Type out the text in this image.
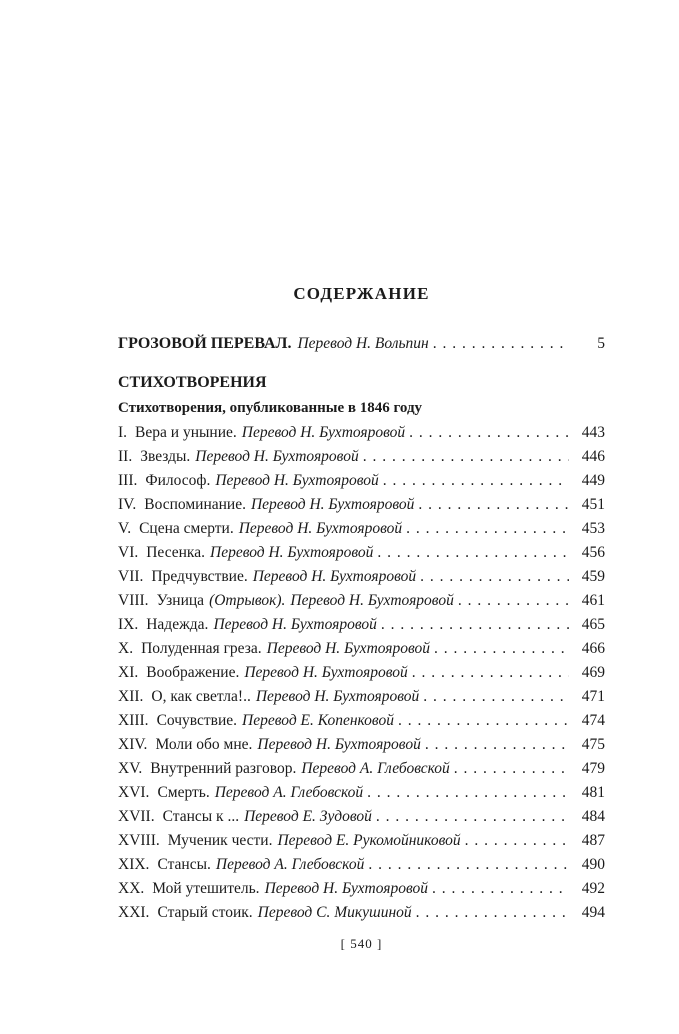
СОДЕРЖАНИЕ
ГРОЗОВОЙ ПЕРЕВАЛ. Перевод Н. Вольпин . . .	5
СТИХОТВОРЕНИЯ
Стихотворения, опубликованные в 1846 году
I. Вера и уныние. Перевод Н. Бухтояровой . . .	443
II. Звезды. Перевод Н. Бухтояровой . . .	446
III. Философ. Перевод Н. Бухтояровой . . .	449
IV. Воспоминание. Перевод Н. Бухтояровой . . .	451
V. Сцена смерти. Перевод Н. Бухтояровой . . .	453
VI. Песенка. Перевод Н. Бухтояровой . . .	456
VII. Предчувствие. Перевод Н. Бухтояровой . . .	459
VIII. Узница (Отрывок). Перевод Н. Бухтояровой . . .	461
IX. Надежда. Перевод Н. Бухтояровой . . .	465
X. Полуденная греза. Перевод Н. Бухтояровой . . .	466
XI. Воображение. Перевод Н. Бухтояровой . . .	469
XII. О, как светла!.. Перевод Н. Бухтояровой . . .	471
XIII. Сочувствие. Перевод Е. Копенковой . . .	474
XIV. Моли обо мне. Перевод Н. Бухтояровой . . .	475
XV. Внутренний разговор. Перевод А. Глебовской . . .	479
XVI. Смерть. Перевод А. Глебовской . . .	481
XVII. Стансы к ... Перевод Е. Зудовой . . .	484
XVIII. Мученик чести. Перевод Е. Рукомойниковой . . .	487
XIX. Стансы. Перевод А. Глебовской . . .	490
XX. Мой утешитель. Перевод Н. Бухтояровой . . .	492
XXI. Старый стоик. Перевод С. Микушиной . . .	494
[ 540 ]
